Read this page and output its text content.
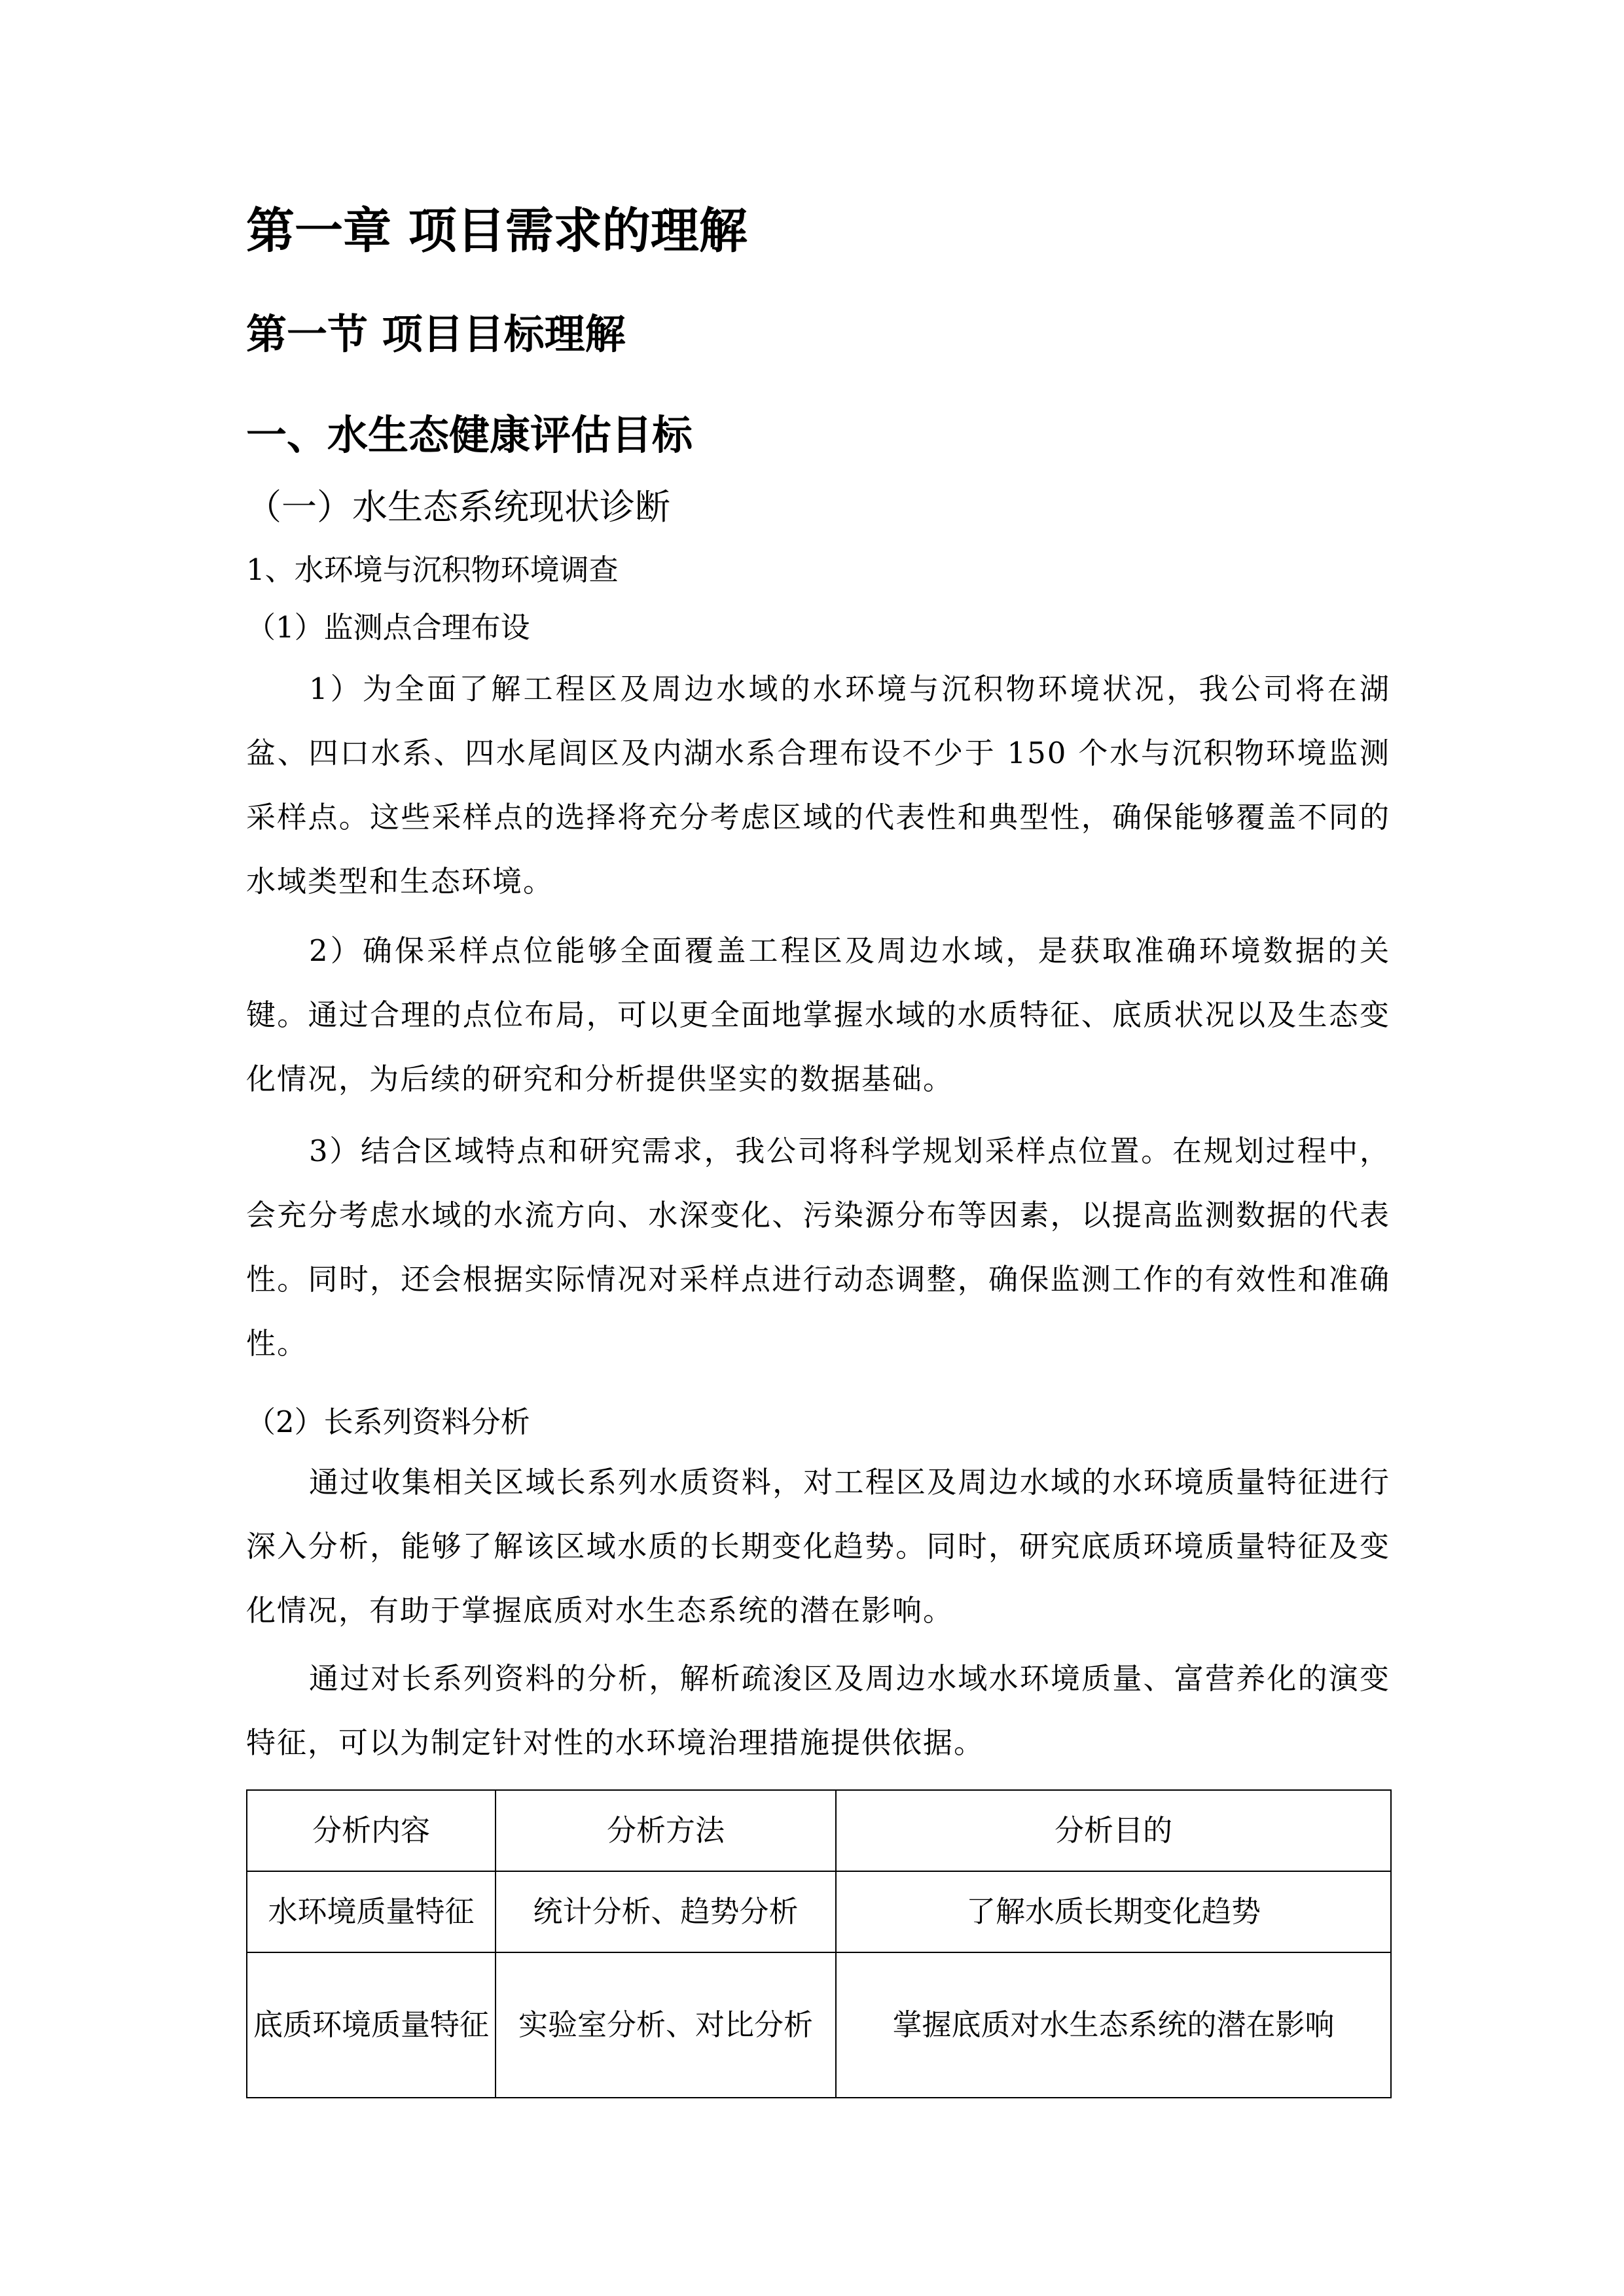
第一章 项目需求的理解
第一节 项目目标理解
一、水生态健康评估目标
（一）水生态系统现状诊断
1、水环境与沉积物环境调查
（1）监测点合理布设

1）为全面了解工程区及周边水域的水环境与沉积物环境状况，我公司将在湖盆、四口水系、四水尾闾区及内湖水系合理布设不少于 150 个水与沉积物环境监测采样点。这些采样点的选择将充分考虑区域的代表性和典型性，确保能够覆盖不同的水域类型和生态环境。

2）确保采样点位能够全面覆盖工程区及周边水域，是获取准确环境数据的关键。通过合理的点位布局，可以更全面地掌握水域的水质特征、底质状况以及生态变化情况，为后续的研究和分析提供坚实的数据基础。

3）结合区域特点和研究需求，我公司将科学规划采样点位置。在规划过程中，会充分考虑水域的水流方向、水深变化、污染源分布等因素，以提高监测数据的代表性。同时，还会根据实际情况对采样点进行动态调整，确保监测工作的有效性和准确性。

（2）长系列资料分析

通过收集相关区域长系列水质资料，对工程区及周边水域的水环境质量特征进行深入分析，能够了解该区域水质的长期变化趋势。同时，研究底质环境质量特征及变化情况，有助于掌握底质对水生态系统的潜在影响。

通过对长系列资料的分析，解析疏浚区及周边水域水环境质量、富营养化的演变特征，可以为制定针对性的水环境治理措施提供依据。

分析内容	分析方法	分析目的
水环境质量特征	统计分析、趋势分析	了解水质长期变化趋势
底质环境质量特征	实验室分析、对比分析	掌握底质对水生态系统的潜在影响
